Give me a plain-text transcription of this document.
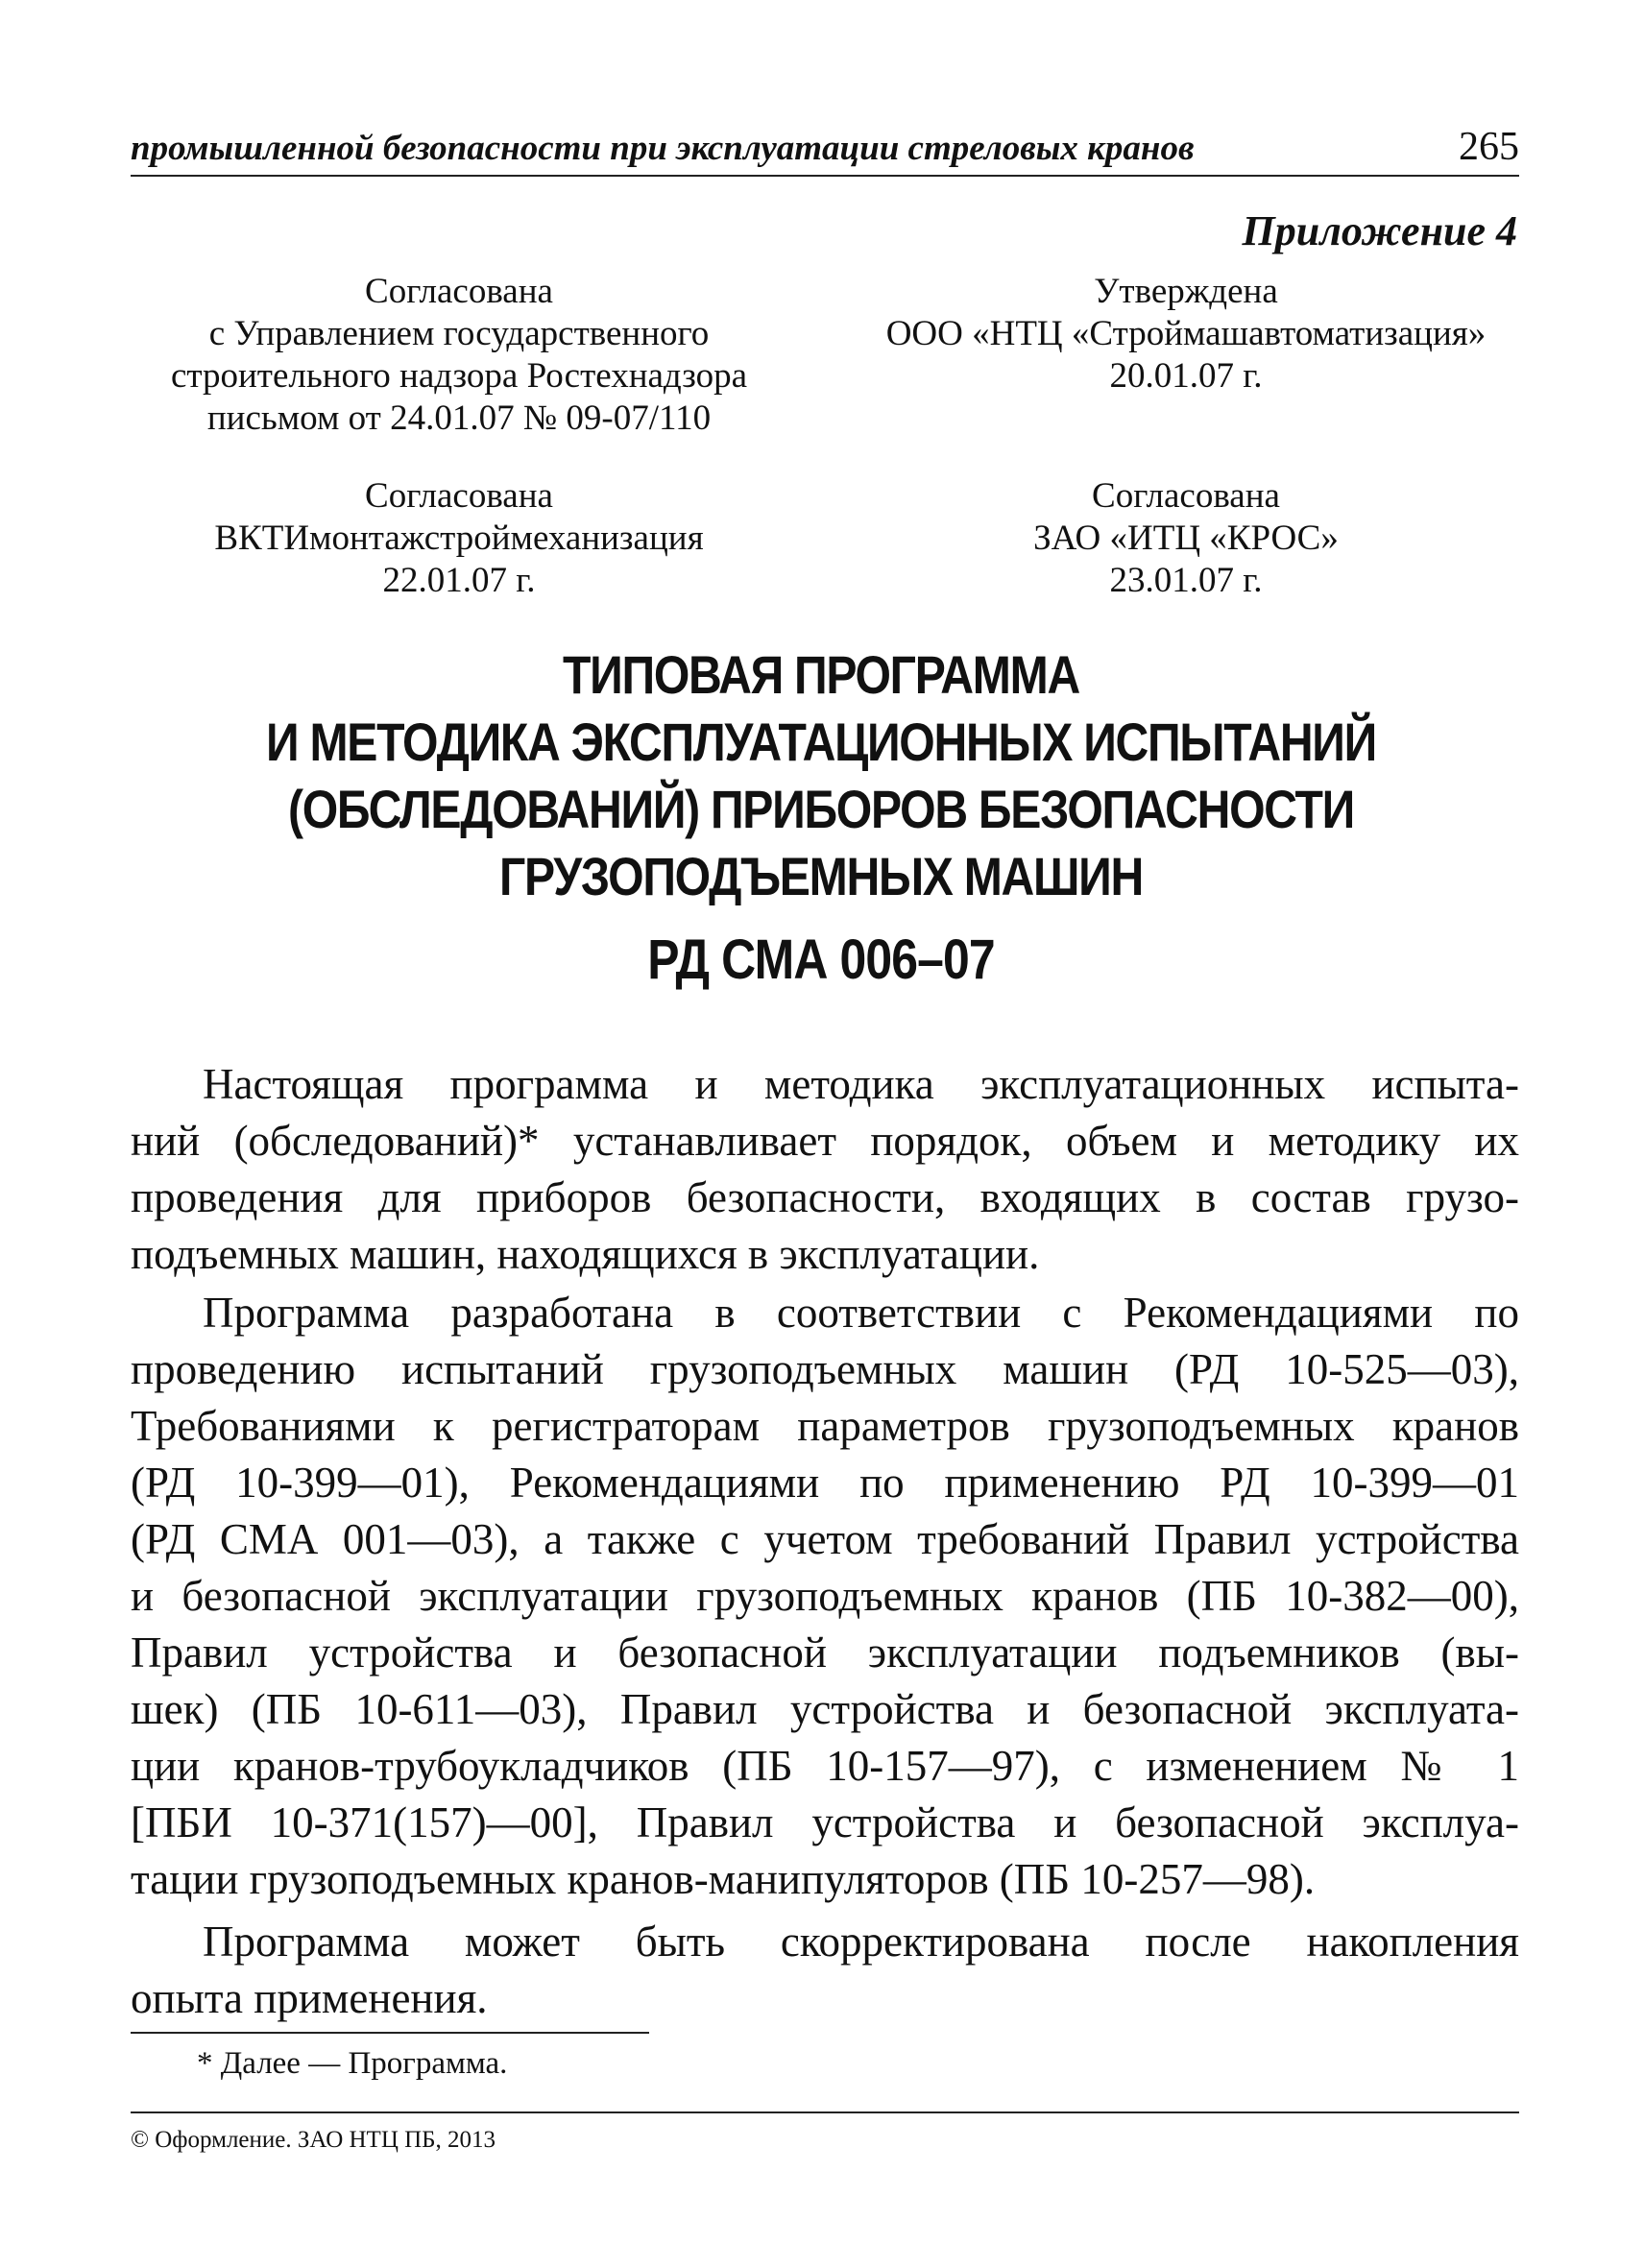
промышленной безопасности при эксплуатации стреловых кранов	265
Приложение 4
Согласована
с Управлением государственного
строительного надзора Ростехнадзора
письмом от 24.01.07 № 09-07/110
Утверждена
ООО «НТЦ «Строймашавтоматизация»
20.01.07 г.
Согласована
ВКТИмонтажстроймеханизация
22.01.07 г.
Согласована
ЗАО «ИТЦ «КРОС»
23.01.07 г.
ТИПОВАЯ ПРОГРАММА
И МЕТОДИКА ЭКСПЛУАТАЦИОННЫХ ИСПЫТАНИЙ
(ОБСЛЕДОВАНИЙ) ПРИБОРОВ БЕЗОПАСНОСТИ
ГРУЗОПОДЪЕМНЫХ МАШИН
РД СМА 006–07
Настоящая программа и методика эксплуатационных испыта-
ний (обследований)* устанавливает порядок, объем и методику их
проведения для приборов безопасности, входящих в состав грузо-
подъемных машин, находящихся в эксплуатации.
Программа разработана в соответствии с Рекомендациями по
проведению испытаний грузоподъемных машин (РД 10-525—03),
Требованиями к регистраторам параметров грузоподъемных кранов
(РД 10-399—01), Рекомендациями по применению РД 10-399—01
(РД СМА 001—03), а также с учетом требований Правил устройства
и безопасной эксплуатации грузоподъемных кранов (ПБ 10-382—00),
Правил устройства и безопасной эксплуатации подъемников (вы-
шек) (ПБ 10-611—03), Правил устройства и безопасной эксплуата-
ции кранов-трубоукладчиков (ПБ 10-157—97), с изменением № 1
[ПБИ 10-371(157)—00], Правил устройства и безопасной эксплуа-
тации грузоподъемных кранов-манипуляторов (ПБ 10-257—98).
Программа может быть скорректирована после накопления
опыта применения.
* Далее — Программа.
© Оформление. ЗАО НТЦ ПБ, 2013
